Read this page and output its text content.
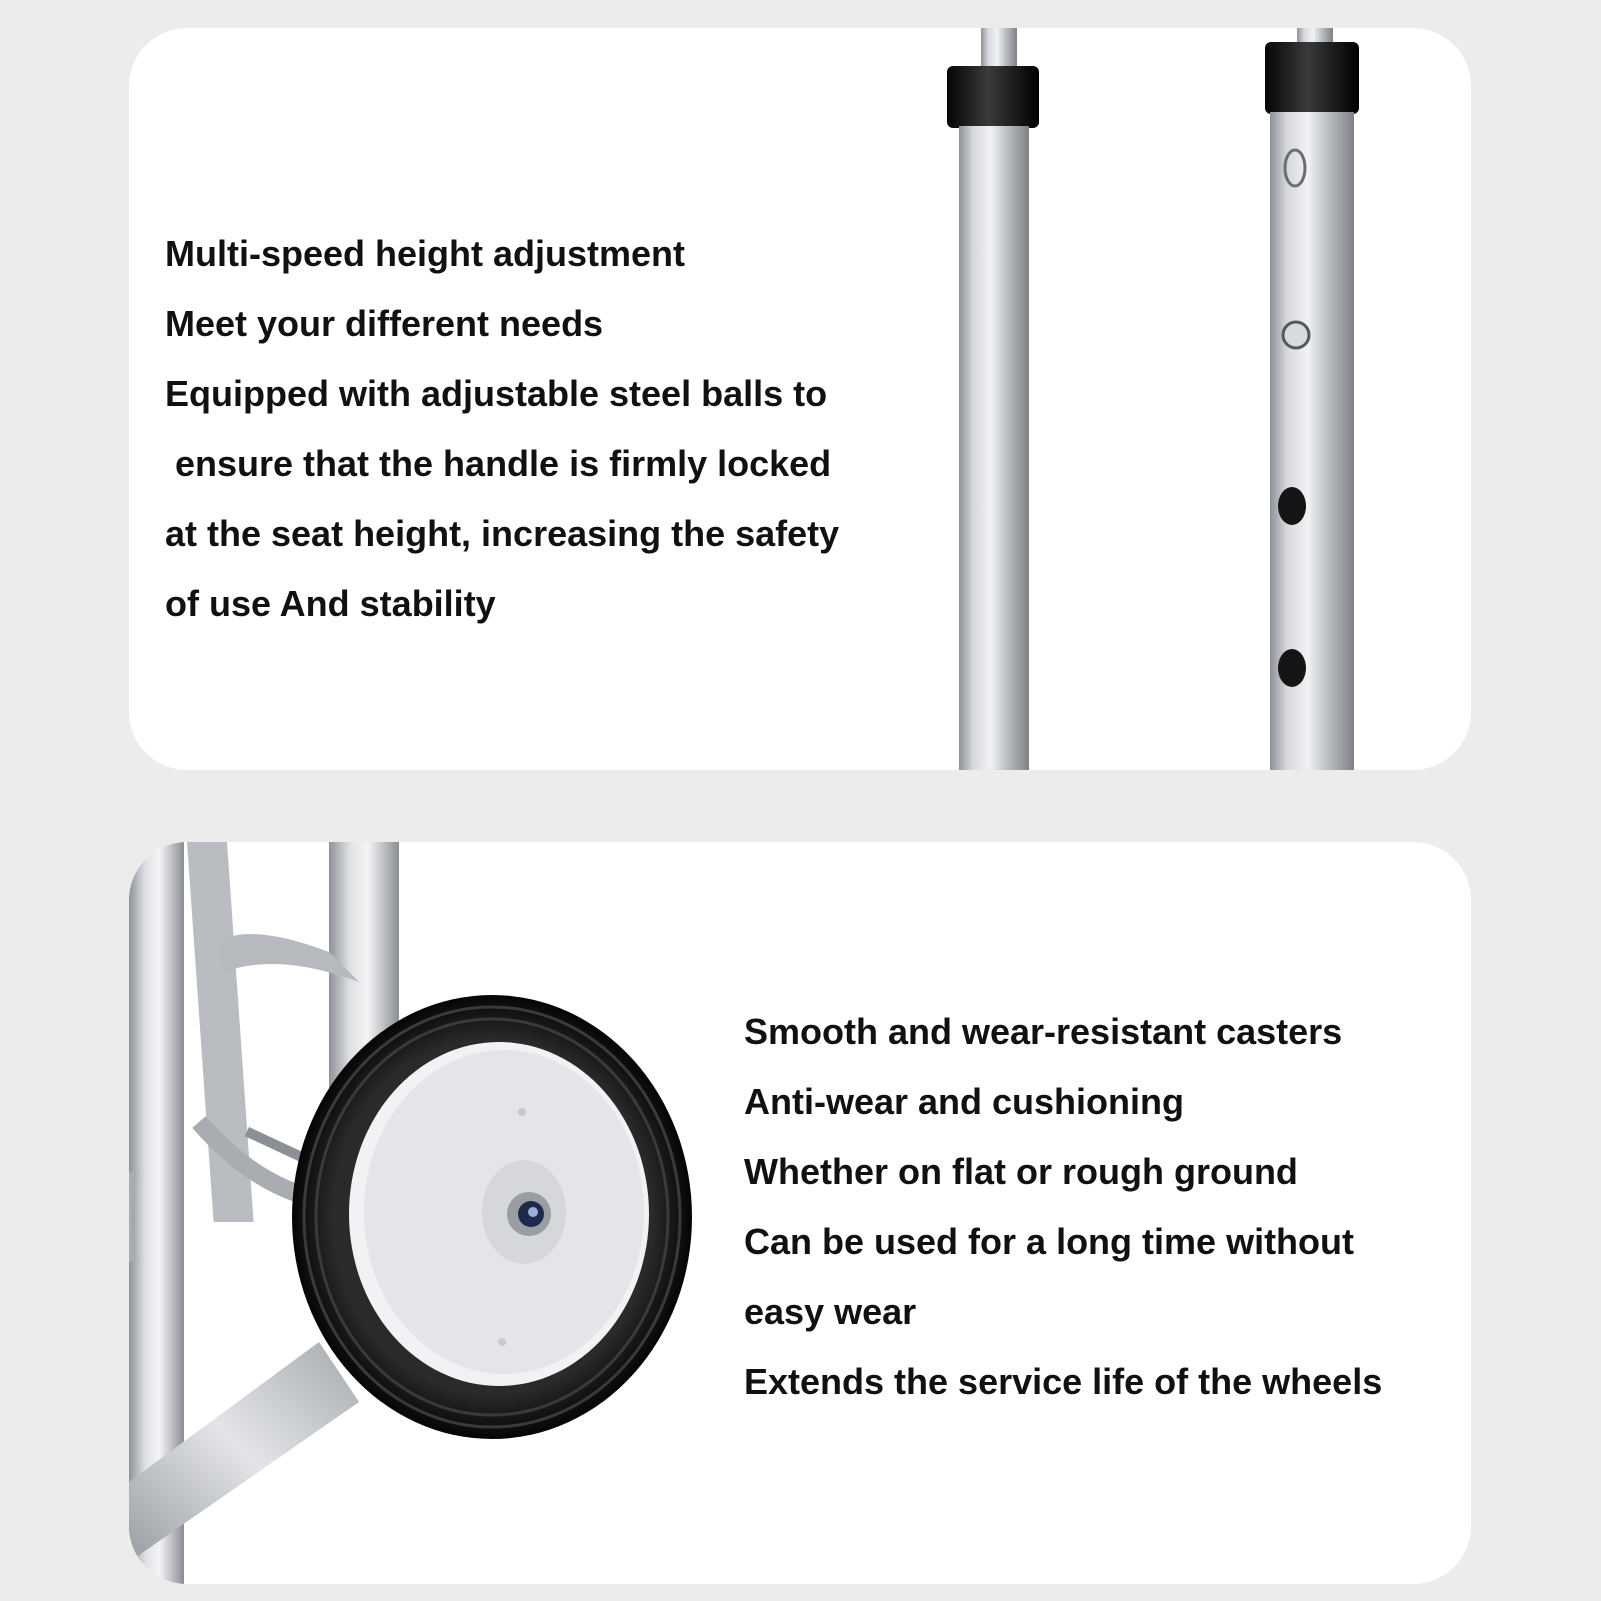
Multi-speed height adjustment

Meet your different needs

Equipped with adjustable steel balls to

ensure that the handle is firmly locked

at the seat height, increasing the safety

of use And stability

Smooth and wear-resistant casters

Anti-wear and cushioning

Whether on flat or rough ground

Can be used for a long time without

easy wear

Extends the service life of the wheels
